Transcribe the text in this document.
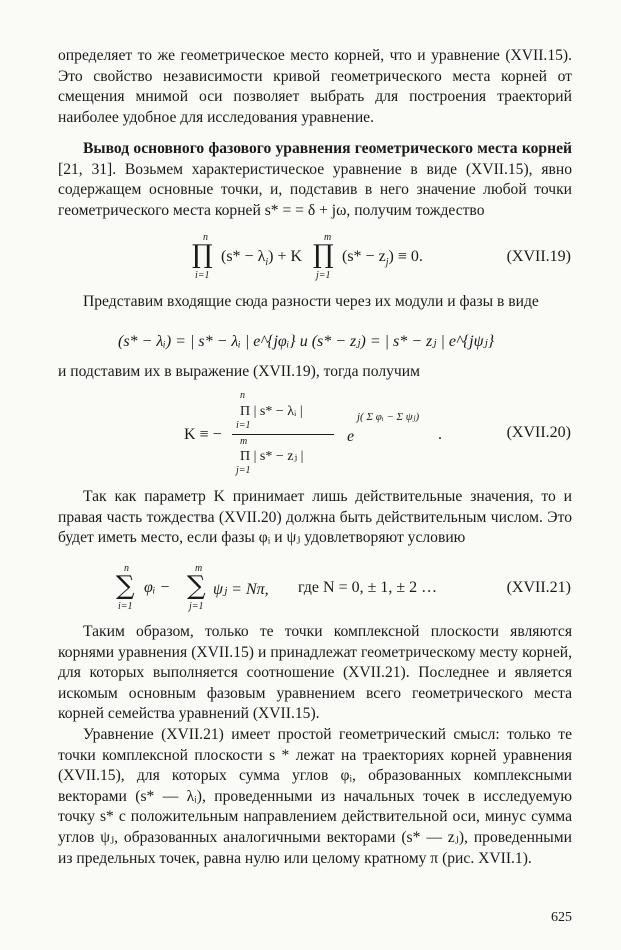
определяет то же геометрическое место корней, что и уравнение (XVII.15). Это свойство независимости кривой геометрического места корней от смещения мнимой оси позволяет выбрать для построения траекторий наиболее удобное для исследования уравнение.
Вывод основного фазового уравнения геометрического места корней [21, 31]. Возьмем характеристическое уравнение в виде (XVII.15), явно содержащем основные точки, и, подставив в него значение любой точки геометрического места корней s* = = δ + jω, получим тождество
n
∏
i=1
$(s* - \lambda_i) + K$
m
∏
j=1
$(s* - z_j) \equiv 0$.	(XVII.19)
Представим входящие сюда разности через их модули и фазы в виде
(s* − λᵢ) = | s* − λᵢ | e^{jφᵢ} и (s* − zⱼ) = | s* − zⱼ | e^{jψⱼ}
и подставим их в выражение (XVII.19), тогда получим
K ≡ −
Π | s* − λᵢ |
n
i=1
m
Π | s* − zⱼ |
j=1
e
j( Σ φᵢ − Σ ψⱼ)
.	(XVII.20)
Так как параметр K принимает лишь действительные значения, то и правая часть тождества (XVII.20) должна быть действительным числом. Это будет иметь место, если фазы φᵢ и ψⱼ удовлетворяют условию
n
∑
i=1
φᵢ −
m
∑
j=1
ψⱼ = Nπ, где N = 0, ± 1, ± 2 …	(XVII.21)
Таким образом, только те точки комплексной плоскости являются корнями уравнения (XVII.15) и принадлежат геометрическому месту корней, для которых выполняется соотношение (XVII.21). Последнее и является искомым основным фазовым уравнением всего геометрического места корней семейства уравнений (XVII.15).
Уравнение (XVII.21) имеет простой геометрический смысл: только те точки комплексной плоскости s * лежат на траекториях корней уравнения (XVII.15), для которых сумма углов φᵢ, образованных комплексными векторами (s* — λᵢ), проведенными из начальных точек в исследуемую точку s* с положительным направлением действительной оси, минус сумма углов ψⱼ, образованных аналогичными векторами (s* — zⱼ), проведенными из предельных точек, равна нулю или целому кратному π (рис. XVII.1).
625
